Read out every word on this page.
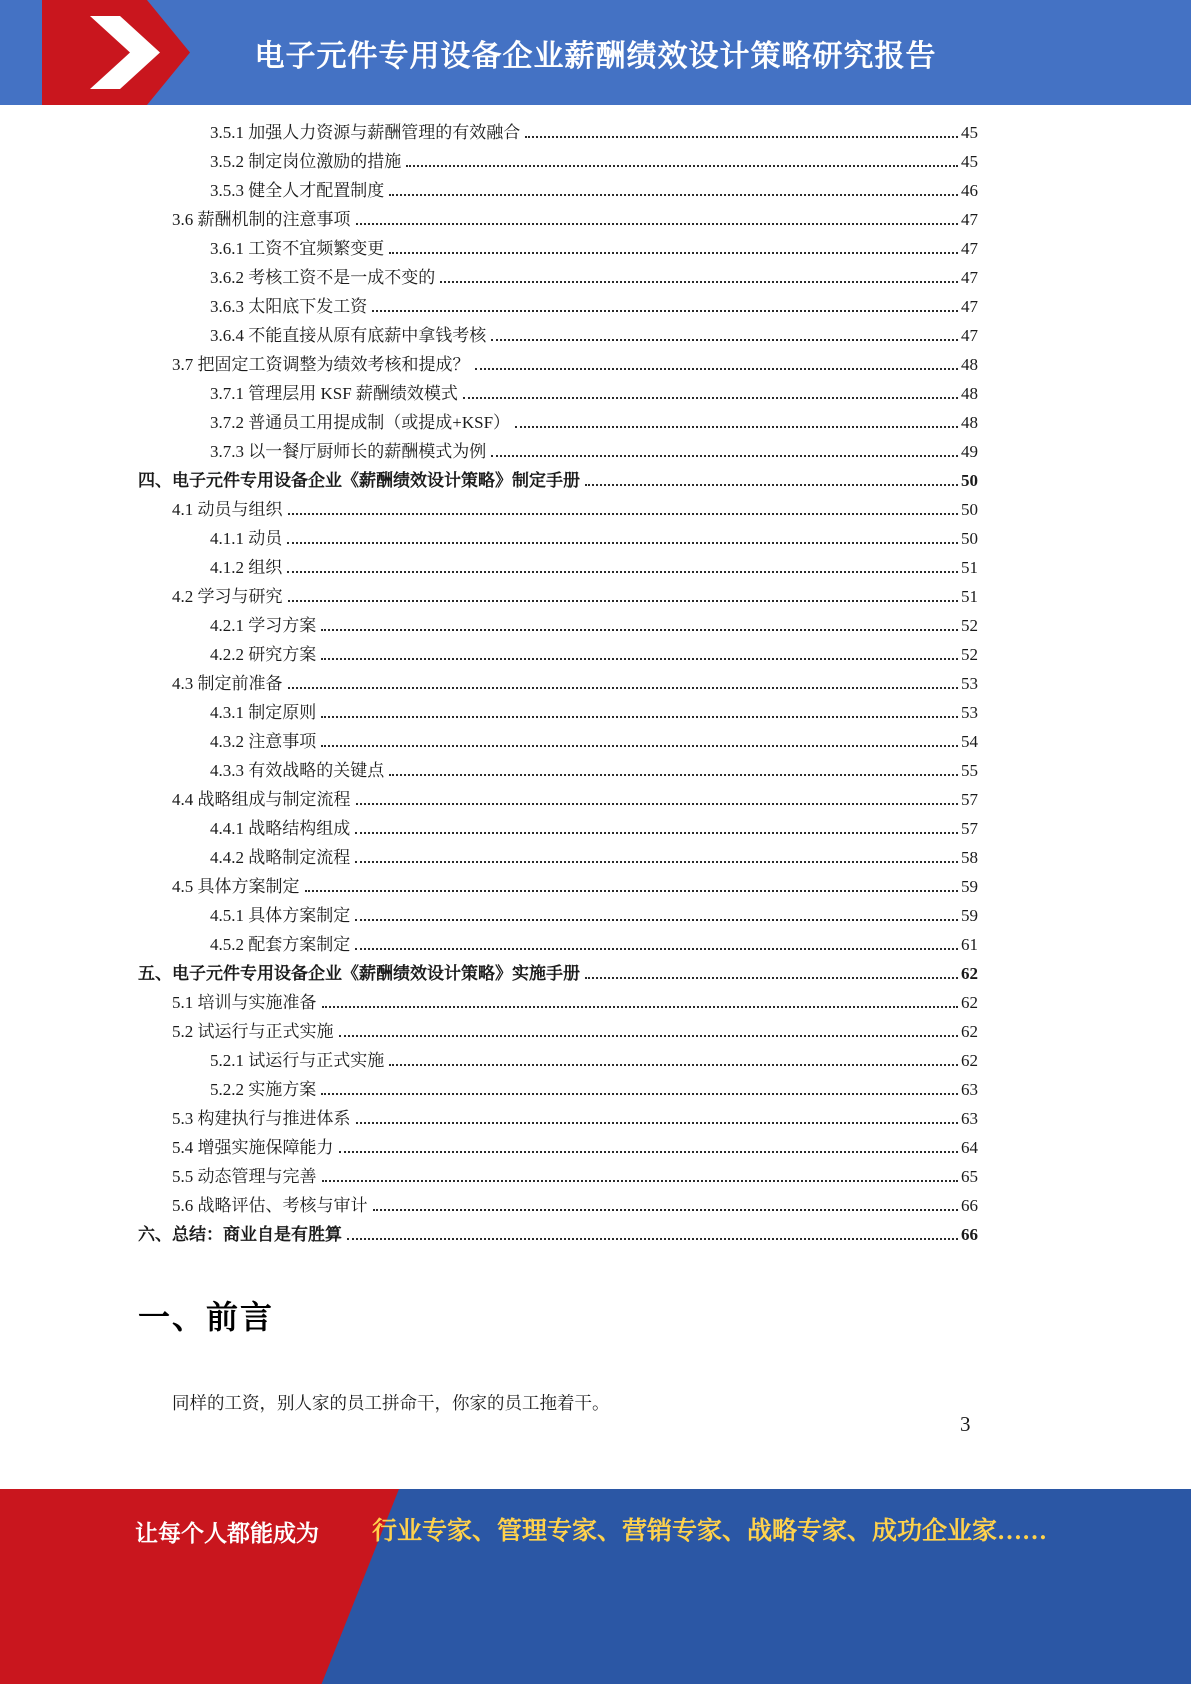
电子元件专用设备企业薪酬绩效设计策略研究报告
3.5.1 加强人力资源与薪酬管理的有效融合	45
3.5.2 制定岗位激励的措施	45
3.5.3 健全人才配置制度	46
3.6 薪酬机制的注意事项	47
3.6.1 工资不宜频繁变更	47
3.6.2 考核工资不是一成不变的	47
3.6.3 太阳底下发工资	47
3.6.4 不能直接从原有底薪中拿钱考核	47
3.7 把固定工资调整为绩效考核和提成？	48
3.7.1 管理层用 KSF 薪酬绩效模式	48
3.7.2 普通员工用提成制（或提成+KSF）	48
3.7.3 以一餐厅厨师长的薪酬模式为例	49
四、电子元件专用设备企业《薪酬绩效设计策略》制定手册	50
4.1 动员与组织	50
4.1.1 动员	50
4.1.2 组织	51
4.2 学习与研究	51
4.2.1 学习方案	52
4.2.2 研究方案	52
4.3 制定前准备	53
4.3.1 制定原则	53
4.3.2 注意事项	54
4.3.3 有效战略的关键点	55
4.4 战略组成与制定流程	57
4.4.1 战略结构组成	57
4.4.2 战略制定流程	58
4.5 具体方案制定	59
4.5.1 具体方案制定	59
4.5.2 配套方案制定	61
五、电子元件专用设备企业《薪酬绩效设计策略》实施手册	62
5.1 培训与实施准备	62
5.2 试运行与正式实施	62
5.2.1 试运行与正式实施	62
5.2.2 实施方案	63
5.3 构建执行与推进体系	63
5.4 增强实施保障能力	64
5.5 动态管理与完善	65
5.6 战略评估、考核与审计	66
六、总结：商业自是有胜算	66
一、前言
同样的工资，别人家的员工拼命干，你家的员工拖着干。
3
让每个人都能成为 行业专家、管理专家、营销专家、战略专家、成功企业家……
